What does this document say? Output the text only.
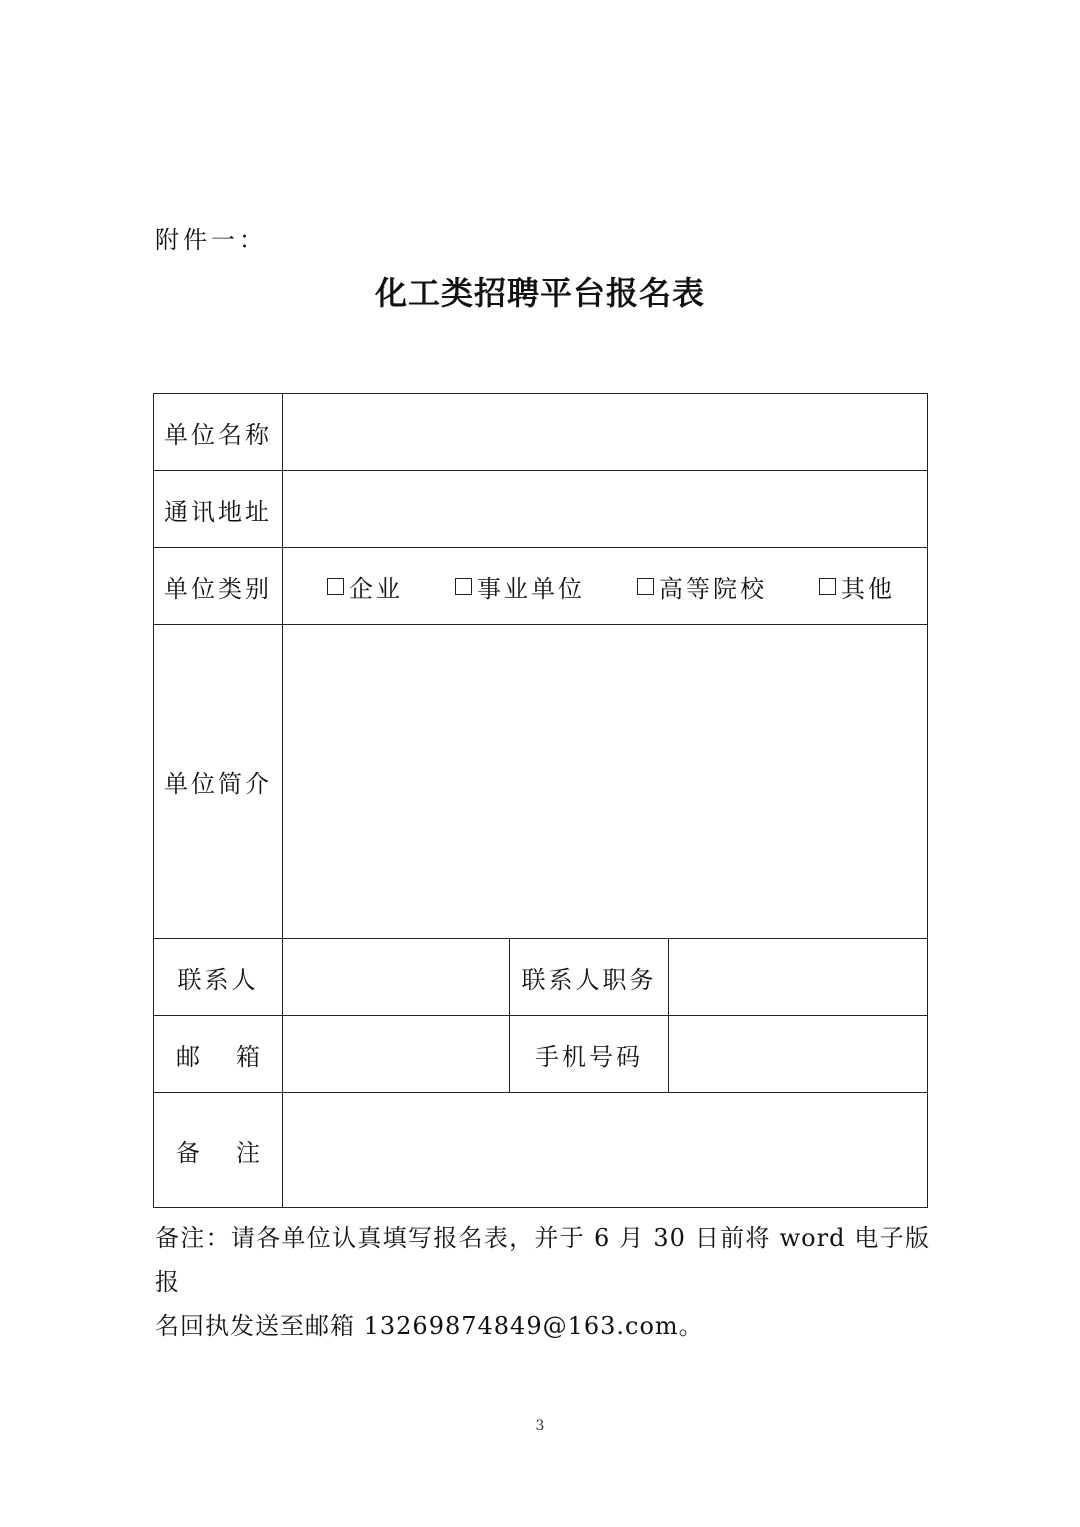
附件一：
化工类招聘平台报名表
单位名称			
通讯地址			
单位类别	企业 事业单位 高等院校 其他		

单位简介			
联系人		联系人职务	
邮 箱		手机号码	
备 注			
备注：请各单位认真填写报名表，并于 6 月 30 日前将 word 电子版报
名回执发送至邮箱 13269874849@163.com。
3
